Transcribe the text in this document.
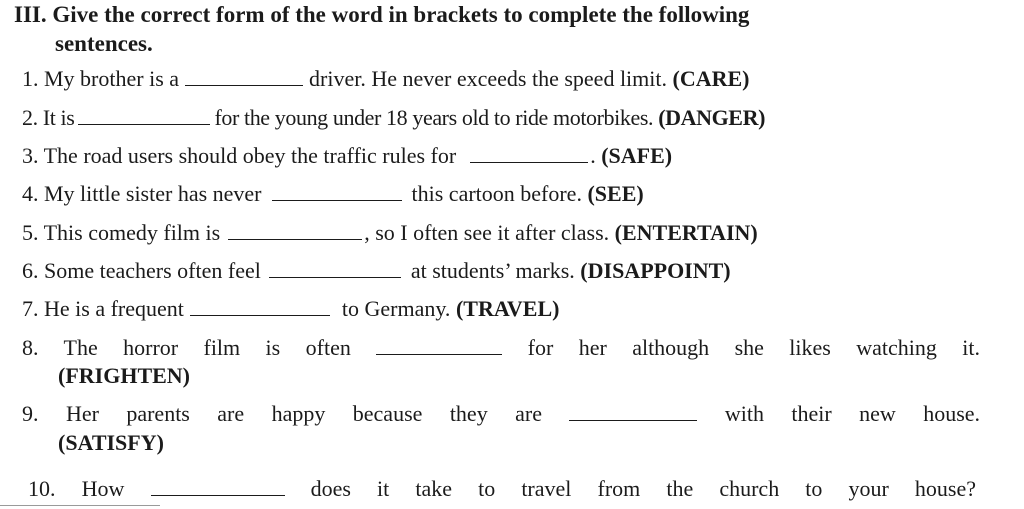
III. Give the correct form of the word in brackets to complete the following
sentences.
1. My brother is a	driver. He never exceeds the speed limit. (CARE)
2. It is	for the young under 18 years old to ride motorbikes. (DANGER)
3. The road users should obey the traffic rules for	. (SAFE)
4. My little sister has never	this cartoon before. (SEE)
5. This comedy film is	, so I often see it after class. (ENTERTAIN)
6. Some teachers often feel	at students’ marks. (DISAPPOINT)
7. He is a frequent	to Germany. (TRAVEL)
8. The horror film is often	for her although she likes watching it.
(FRIGHTEN)
9. Her parents are happy because they are	with their new house.
(SATISFY)
10. How	does it take to travel from the church to your house?
